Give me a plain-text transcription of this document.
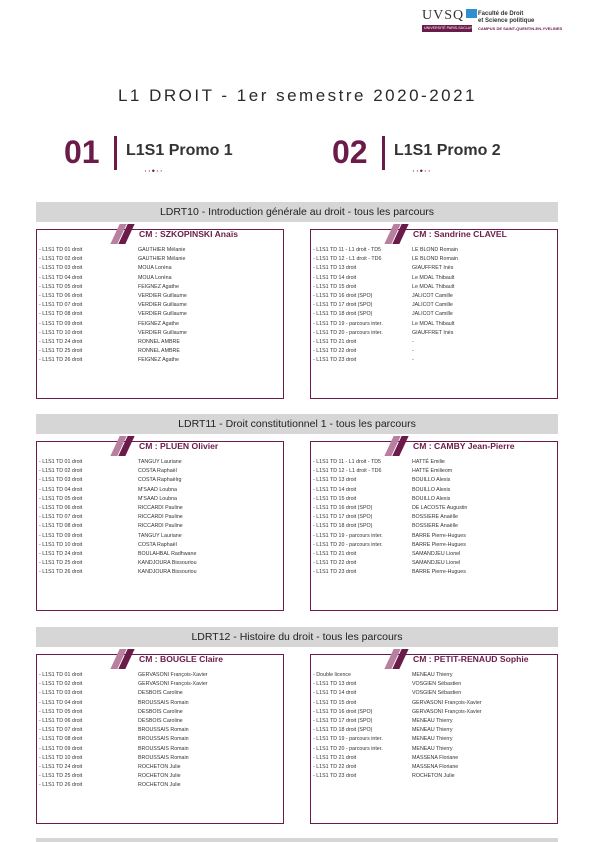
UVSQ
UNIVERSITÉ PARIS-SACLAY
Faculté de Droit
et Science politique
CAMPUS DE SAINT-QUENTIN-EN-YVELINES
L1 DROIT - 1er semestre 2020-2021
01 L1S1 Promo 1
⋅⋅•⋅⋅
02 L1S1 Promo 2
⋅⋅•⋅⋅
LDRT10 - Introduction générale au droit - tous les parcours
CM : SZKOPINSKI Anaïs
- L1S1 TD 01 droit	GAUTHIER Mélanie
- L1S1 TD 02 droit	GAUTHIER Mélanie
- L1S1 TD 03 droit	MOUA Loréna
- L1S1 TD 04 droit	MOUA Loréna
- L1S1 TD 05 droit	FEIGNEZ Agathe
- L1S1 TD 06 droit	VERDIER Guillaume
- L1S1 TD 07 droit	VERDIER Guillaume
- L1S1 TD 08 droit	VERDIER Guillaume
- L1S1 TD 09 droit	FEIGNEZ Agathe
- L1S1 TD 10 droit	VERDIER Guillaume
- L1S1 TD 24 droit	RONNEL AMBRE
- L1S1 TD 25 droit	RONNEL AMBRE
- L1S1 TD 26 droit	FEIGNEZ Agathe
CM : Sandrine CLAVEL
- L1S1 TD 11 - L1 droit - TD5	LE BLOND Romain
- L1S1 TD 12 - L1 droit - TD6	LE BLOND Romain
- L1S1 TD 13 droit	GIAUFFRET Inès
- L1S1 TD 14 droit	Le MOAL Thibault
- L1S1 TD 15 droit	Le MOAL Thibault
- L1S1 TD 16 droit (SPO)	JALICOT Camille
- L1S1 TD 17 droit (SPO)	JALICOT Camille
- L1S1 TD 18 droit (SPO)	JALICOT Camille
- L1S1 TD 19 - parcours inter.	Le MOAL Thibault
- L1S1 TD 20 - parcours inter.	GIAUFFRET Inès
- L1S1 TD 21 droit	-
- L1S1 TD 22 droit	-
- L1S1 TD 23 droit	-
LDRT11 - Droit constitutionnel 1 - tous les parcours
CM : PLUEN Olivier
- L1S1 TD 01 droit	TANGUY Lauriane
- L1S1 TD 02 droit	COSTA Raphaël
- L1S1 TD 03 droit	COSTA Raphaëlrg
- L1S1 TD 04 droit	M'SAAD Loubna
- L1S1 TD 05 droit	M'SAAD Loubna
- L1S1 TD 06 droit	RICCARDI Pauline
- L1S1 TD 07 droit	RICCARDI Pauline
- L1S1 TD 08 droit	RICCARDI Pauline
- L1S1 TD 09 droit	TANGUY Lauriane
- L1S1 TD 10 droit	COSTA Raphaël
- L1S1 TD 24 droit	BOULAHBAL Radhwane
- L1S1 TD 25 droit	KANDJOURA Bissouriou
- L1S1 TD 26 droit	KANDJOURA Bissouriou
CM : CAMBY Jean-Pierre
- L1S1 TD 11 - L1 droit - TD5	HATTÉ Emilie
- L1S1 TD 12 - L1 droit - TD6	HATTÉ Emilieom
- L1S1 TD 13 droit	BOUILLO Alexis
- L1S1 TD 14 droit	BOUILLO Alexis
- L1S1 TD 15 droit	BOUILLO Alexis
- L1S1 TD 16 droit (SPO)	DE LACOSTE Augustin
- L1S1 TD 17 droit (SPO)	BOSSIERE Anaëlle
- L1S1 TD 18 droit (SPO)	BOSSIERE Anaëlle
- L1S1 TD 19 - parcours inter.	BARRE Pierre-Hugues
- L1S1 TD 20 - parcours inter.	BARRE Pierre-Hugues
- L1S1 TD 21 droit	SAMANDJEU Lionel
- L1S1 TD 22 droit	SAMANDJEU Lionel
- L1S1 TD 23 droit	BARRE Pierre-Hugues
LDRT12 - Histoire du droit - tous les parcours
CM : BOUGLE Claire
- L1S1 TD 01 droit	GERVASONI François-Xavier
- L1S1 TD 02 droit	GERVASONI François-Xavier
- L1S1 TD 03 droit	DESBOIS Caroline
- L1S1 TD 04 droit	BROUSSAIS Romain
- L1S1 TD 05 droit	DESBOIS Caroline
- L1S1 TD 06 droit	DESBOIS Caroline
- L1S1 TD 07 droit	BROUSSAIS Romain
- L1S1 TD 08 droit	BROUSSAIS Romain
- L1S1 TD 09 droit	BROUSSAIS Romain
- L1S1 TD 10 droit	BROUSSAIS Romain
- L1S1 TD 24 droit	ROCHETON Julie
- L1S1 TD 25 droit	ROCHETON Julie
- L1S1 TD 26 droit	ROCHETON Julie
CM : PETIT-RENAUD Sophie
- Double licence	MENEAU Thierry
- L1S1 TD 13 droit	VOSGIEN Sébastien
- L1S1 TD 14 droit	VOSGIEN Sébastien
- L1S1 TD 15 droit	GERVASONI François-Xavier
- L1S1 TD 16 droit (SPO)	GERVASONI François-Xavier
- L1S1 TD 17 droit (SPO)	MENEAU Thierry
- L1S1 TD 18 droit (SPO)	MENEAU Thierry
- L1S1 TD 19 - parcours inter.	MENEAU Thierry
- L1S1 TD 20 - parcours inter.	MENEAU Thierry
- L1S1 TD 21 droit	MASSENA Floriane
- L1S1 TD 22 droit	MASSENA Floriane
- L1S1 TD 23 droit	ROCHETON Julie
